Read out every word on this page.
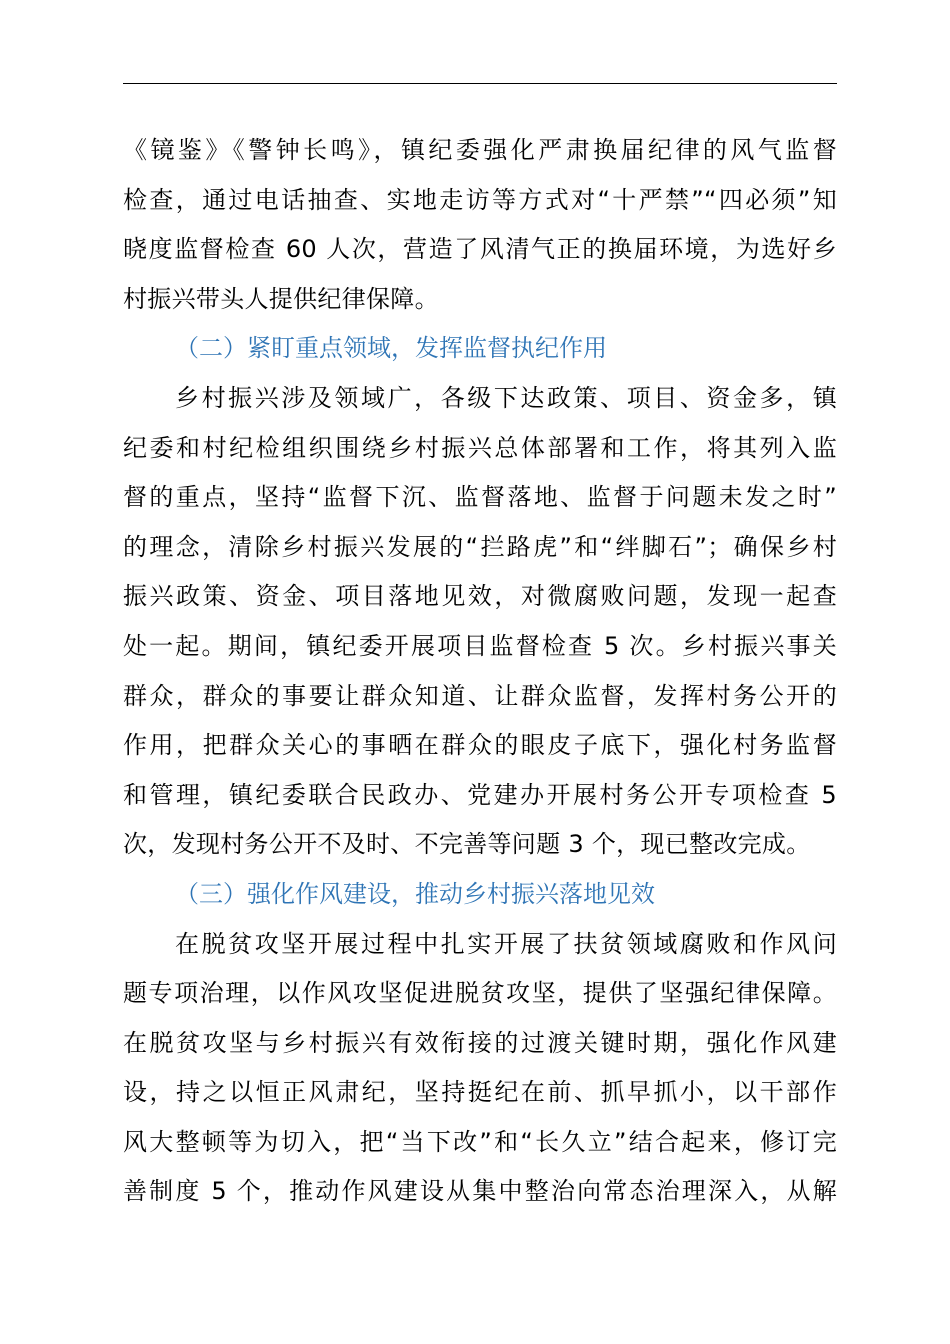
《镜鉴》《警钟长鸣》，镇纪委强化严肃换届纪律的风气监督
检查，通过电话抽查、实地走访等方式对“十严禁”“四必须”知
晓度监督检查 60 人次，营造了风清气正的换届环境，为选好乡
村振兴带头人提供纪律保障。
（二）紧盯重点领域，发挥监督执纪作用
乡村振兴涉及领域广，各级下达政策、项目、资金多，镇
纪委和村纪检组织围绕乡村振兴总体部署和工作，将其列入监
督的重点，坚持“监督下沉、监督落地、监督于问题未发之时”
的理念，清除乡村振兴发展的“拦路虎”和“绊脚石”；确保乡村
振兴政策、资金、项目落地见效，对微腐败问题，发现一起查
处一起。期间，镇纪委开展项目监督检查 5 次。乡村振兴事关
群众，群众的事要让群众知道、让群众监督，发挥村务公开的
作用，把群众关心的事晒在群众的眼皮子底下，强化村务监督
和管理，镇纪委联合民政办、党建办开展村务公开专项检查 5
次，发现村务公开不及时、不完善等问题 3 个，现已整改完成。
（三）强化作风建设，推动乡村振兴落地见效
在脱贫攻坚开展过程中扎实开展了扶贫领域腐败和作风问
题专项治理，以作风攻坚促进脱贫攻坚，提供了坚强纪律保障。
在脱贫攻坚与乡村振兴有效衔接的过渡关键时期，强化作风建
设，持之以恒正风肃纪，坚持挺纪在前、抓早抓小，以干部作
风大整顿等为切入，把“当下改”和“长久立”结合起来，修订完
善制度 5 个，推动作风建设从集中整治向常态治理深入，从解
